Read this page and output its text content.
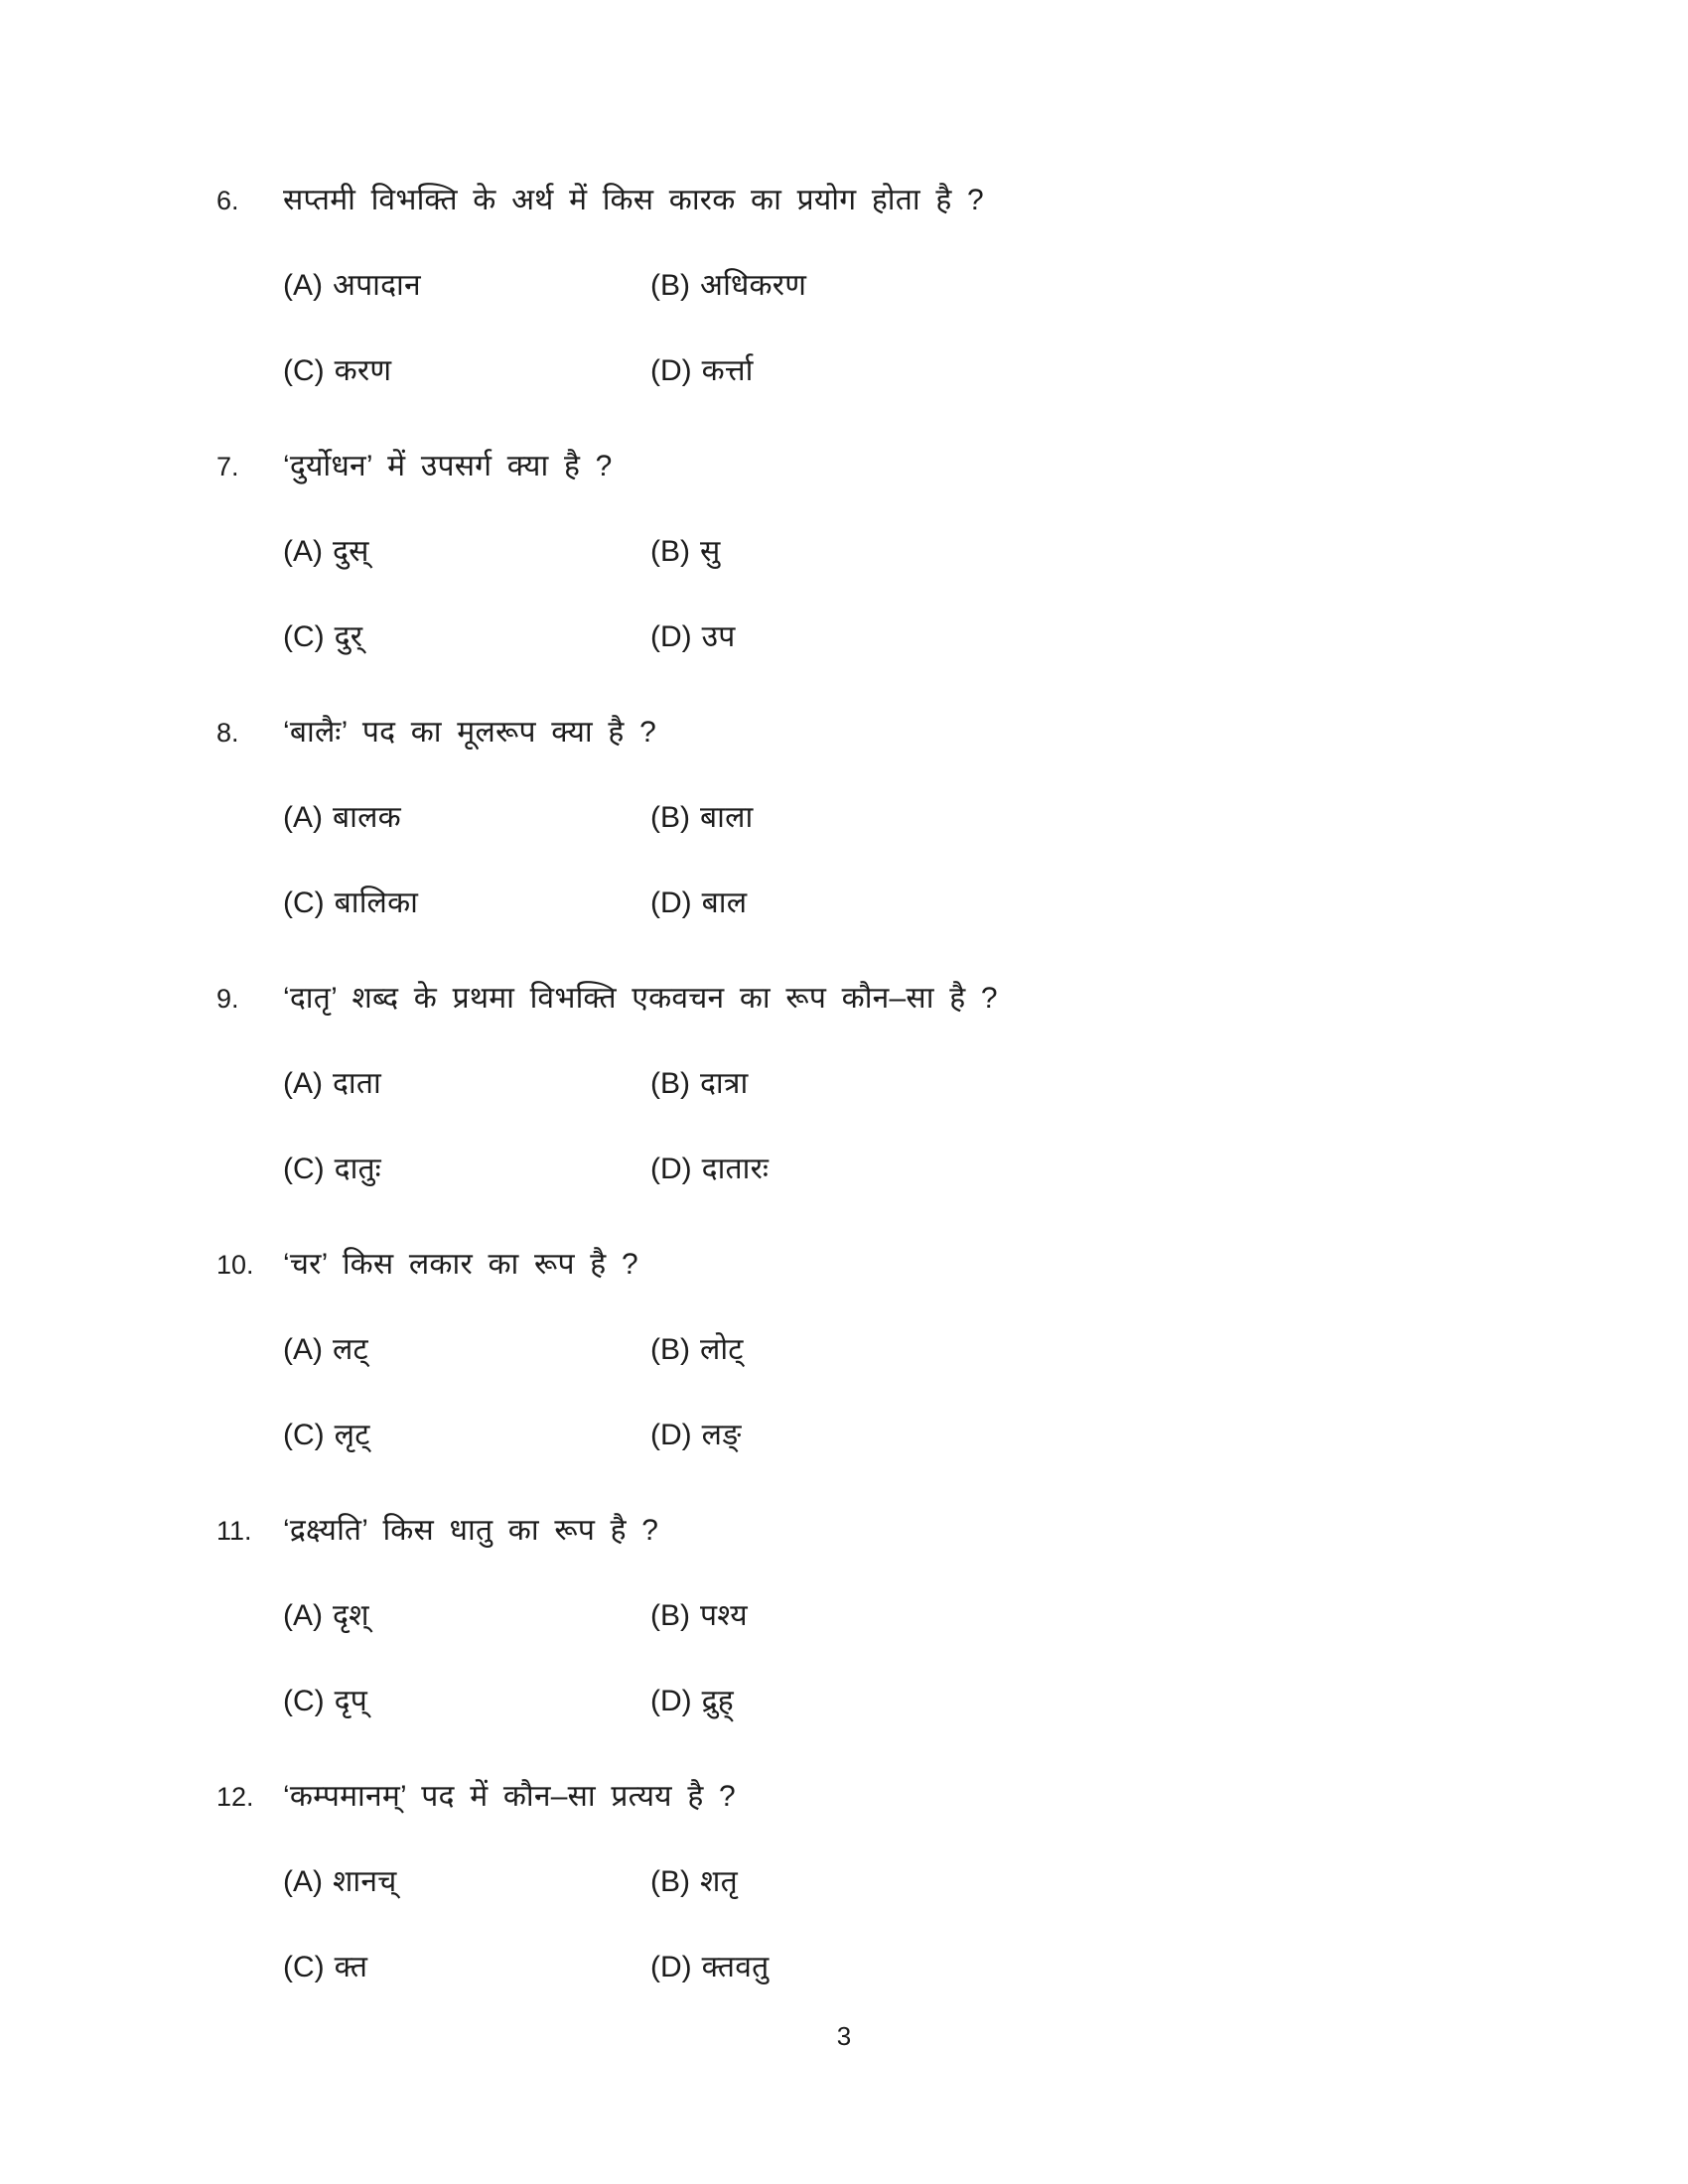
6.	सप्तमी विभक्ति के अर्थ में किस कारक का प्रयोग होता है ?
(A) अपादान	(B) अधिकरण
(C) करण	(D) कर्त्ता
7.	‘दुर्योधन’ में उपसर्ग क्या है ?
(A) दुस्	(B) सु
(C) दुर्	(D) उप
8.	‘बालैः’ पद का मूलरूप क्या है ?
(A) बालक	(B) बाला
(C) बालिका	(D) बाल
9.	‘दातृ’ शब्द के प्रथमा विभक्ति एकवचन का रूप कौन–सा है ?
(A) दाता	(B) दात्रा
(C) दातुः	(D) दातारः
10. ‘चर’ किस लकार का रूप है ?
(A) लट्	(B) लोट्
(C) लृट्	(D) लङ्
11.	‘द्रक्ष्यति’ किस धातु का रूप है ?
(A) दृश्	(B) पश्य
(C) दृप्	(D) द्रुह्
12. ‘कम्पमानम्’ पद में कौन–सा प्रत्यय है ?
(A) शानच्	(B) शतृ
(C) क्त	(D) क्तवतु
3
